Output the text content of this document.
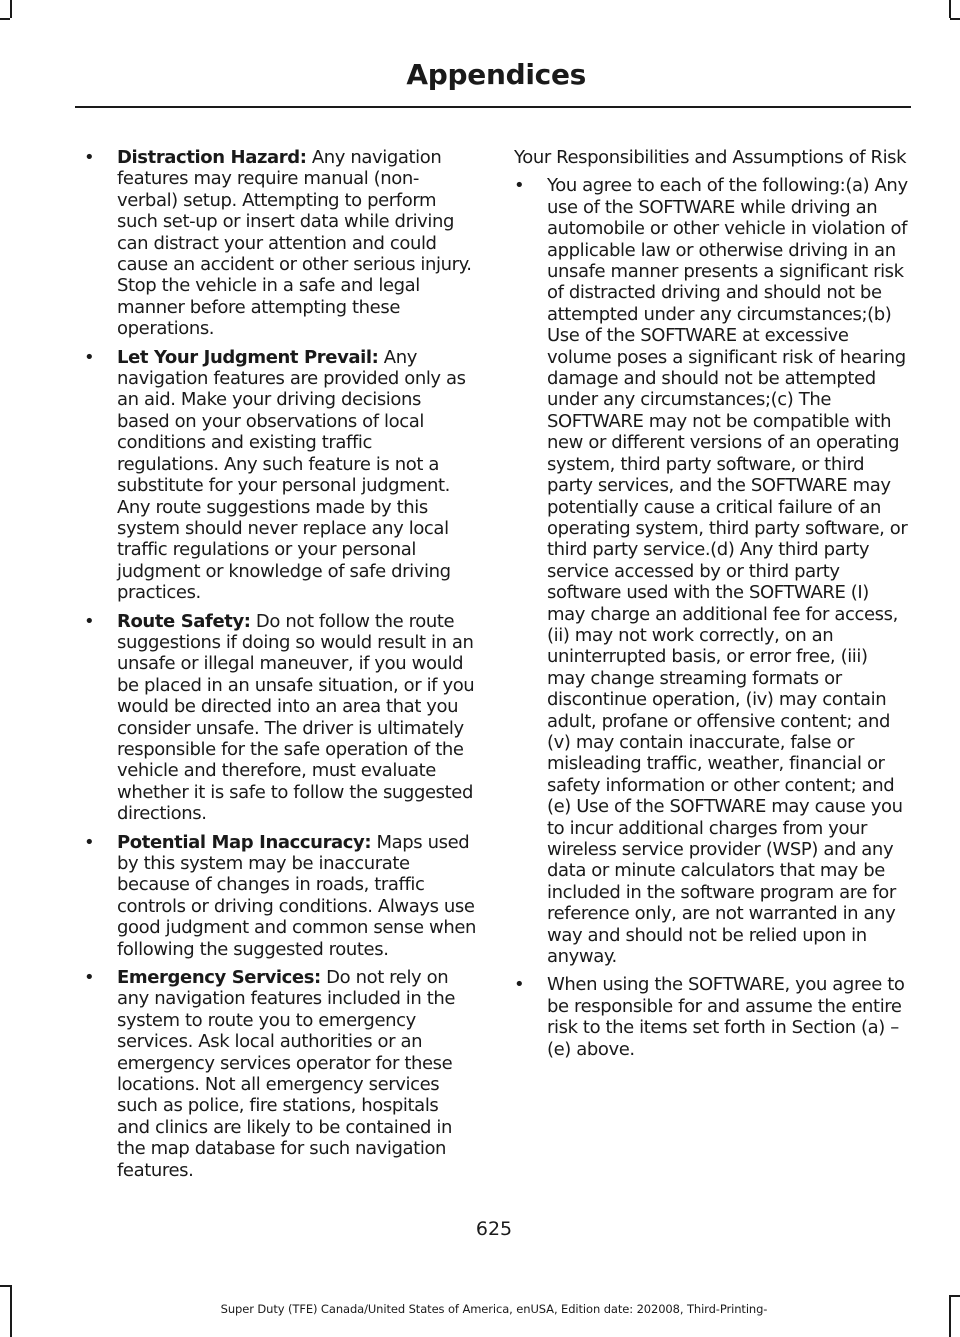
Appendices
• Distraction Hazard: Any navigation features may require manual (non-verbal) setup. Attempting to perform such set-up or insert data while driving can distract your attention and could cause an accident or other serious injury. Stop the vehicle in a safe and legal manner before attempting these operations.
• Let Your Judgment Prevail: Any navigation features are provided only as an aid. Make your driving decisions based on your observations of local conditions and existing traffic regulations. Any such feature is not a substitute for your personal judgment. Any route suggestions made by this system should never replace any local traffic regulations or your personal judgment or knowledge of safe driving practices.
• Route Safety: Do not follow the route suggestions if doing so would result in an unsafe or illegal maneuver, if you would be placed in an unsafe situation, or if you would be directed into an area that you consider unsafe. The driver is ultimately responsible for the safe operation of the vehicle and therefore, must evaluate whether it is safe to follow the suggested directions.
• Potential Map Inaccuracy: Maps used by this system may be inaccurate because of changes in roads, traffic controls or driving conditions. Always use good judgment and common sense when following the suggested routes.
• Emergency Services: Do not rely on any navigation features included in the system to route you to emergency services. Ask local authorities or an emergency services operator for these locations. Not all emergency services such as police, fire stations, hospitals and clinics are likely to be contained in the map database for such navigation features.

Your Responsibilities and Assumptions of Risk

• You agree to each of the following:(a) Any use of the SOFTWARE while driving an automobile or other vehicle in violation of applicable law or otherwise driving in an unsafe manner presents a significant risk of distracted driving and should not be attempted under any circumstances;(b) Use of the SOFTWARE at excessive volume poses a significant risk of hearing damage and should not be attempted under any circumstances;(c) The SOFTWARE may not be compatible with new or different versions of an operating system, third party software, or third party services, and the SOFTWARE may potentially cause a critical failure of an operating system, third party software, or third party service.(d) Any third party service accessed by or third party software used with the SOFTWARE (I) may charge an additional fee for access, (ii) may not work correctly, on an uninterrupted basis, or error free, (iii) may change streaming formats or discontinue operation, (iv) may contain adult, profane or offensive content; and (v) may contain inaccurate, false or misleading traffic, weather, financial or safety information or other content; and (e) Use of the SOFTWARE may cause you to incur additional charges from your wireless service provider (WSP) and any data or minute calculators that may be included in the software program are for reference only, are not warranted in any way and should not be relied upon in anyway.
• When using the SOFTWARE, you agree to be responsible for and assume the entire risk to the items set forth in Section (a) – (e) above.
625
Super Duty (TFE) Canada/United States of America, enUSA, Edition date: 202008, Third-Printing-
